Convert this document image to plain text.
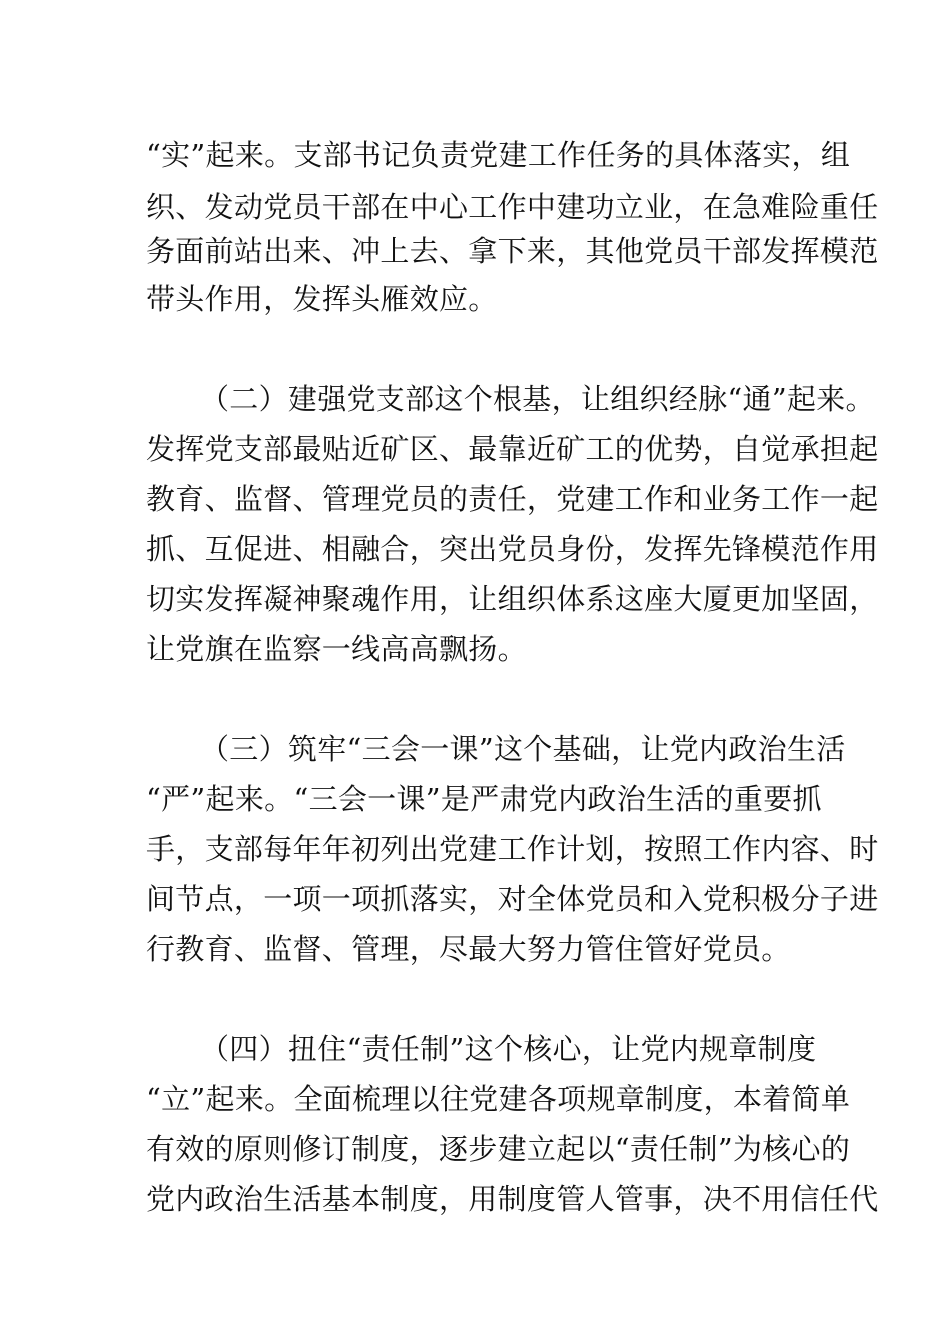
“实”起来。支部书记负责党建工作任务的具体落实，组
织、发动党员干部在中心工作中建功立业，在急难险重任
务面前站出来、冲上去、拿下来，其他党员干部发挥模范
带头作用，发挥头雁效应。
（二）建强党支部这个根基，让组织经脉“通”起来。
发挥党支部最贴近矿区、最靠近矿工的优势，自觉承担起
教育、监督、管理党员的责任，党建工作和业务工作一起
抓、互促进、相融合，突出党员身份，发挥先锋模范作用
切实发挥凝神聚魂作用，让组织体系这座大厦更加坚固，
让党旗在监察一线高高飘扬。
（三）筑牢“三会一课”这个基础，让党内政治生活
“严”起来。“三会一课”是严肃党内政治生活的重要抓
手，支部每年年初列出党建工作计划，按照工作内容、时
间节点，一项一项抓落实，对全体党员和入党积极分子进
行教育、监督、管理，尽最大努力管住管好党员。
（四）扭住“责任制”这个核心，让党内规章制度
“立”起来。全面梳理以往党建各项规章制度，本着简单
有效的原则修订制度，逐步建立起以“责任制”为核心的
党内政治生活基本制度，用制度管人管事，决不用信任代
